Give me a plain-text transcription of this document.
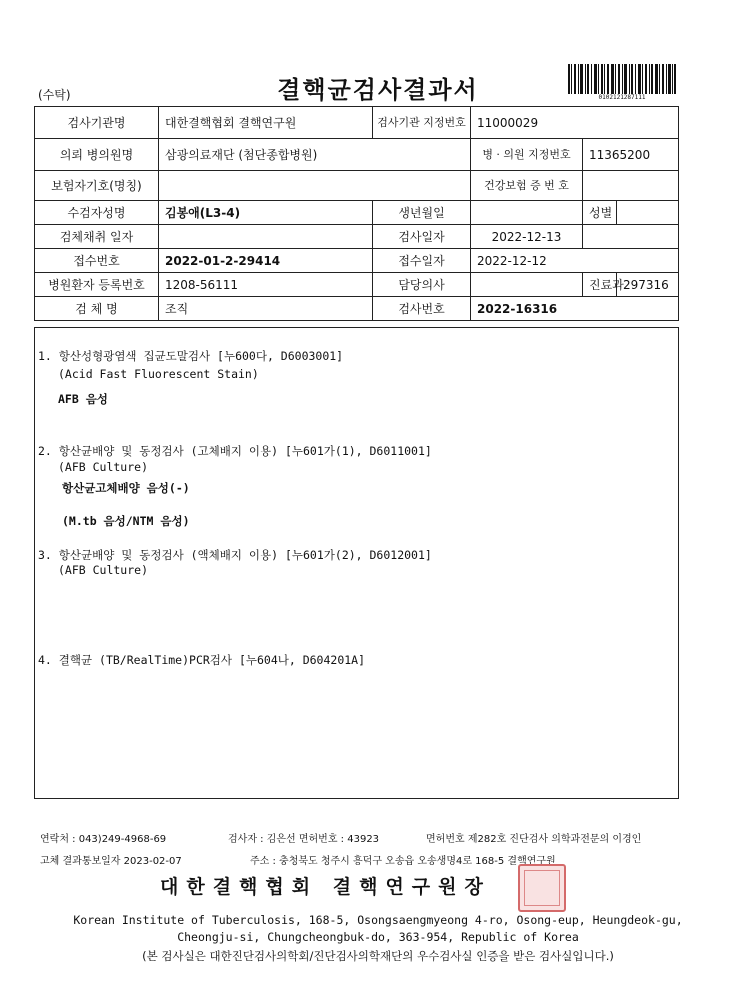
(수탁)	결핵균검사결과서	0102121287111
검사기관명	대한결핵협회 결핵연구원	검사기관 지정번호	11000029		
의뢰 병의원명	삼광의료재단 (첨단종합병원)		병 · 의원 지정번호	11365200	
보험자기호(명칭)			건강보험 증 번 호		
수검자성명	김봉애(L3-4)	생년월일		성별	
검체채취 일자		검사일자	2022-12-13		
접수번호	2022-01-2-29414	접수일자	2022-12-12		
병원환자 등록번호	1208-56111	담당의사		진료과	297316
검 체 명	조직	검사번호	2022-16316		
1. 항산성형광염색 집균도말검사 [누600다, D6003001]
(Acid Fast Fluorescent Stain)
AFB 음성
2. 항산균배양 및 동정검사 (고체배지 이용) [누601가(1), D6011001]
(AFB Culture)
항산균고체배양 음성(-)
(M.tb 음성/NTM 음성)
3. 항산균배양 및 동정검사 (액체배지 이용) [누601가(2), D6012001]
(AFB Culture)
4. 결핵균 (TB/RealTime)PCR검사 [누604나, D604201A]
연락처 : 043)249-4968-69	검사자 : 김은선 면허번호 : 43923	면허번호 제282호 진단검사 의학과전문의 이경인
고체 결과통보일자 2023-02-07	주소 : 충청북도 청주시 흥덕구 오송읍 오송생명4로 168-5 결핵연구원
대한결핵협회 결핵연구원장
Korean Institute of Tuberculosis, 168-5, Osongsaengmyeong 4-ro, Osong-eup, Heungdeok-gu,
Cheongju-si, Chungcheongbuk-do, 363-954, Republic of Korea
(본 검사실은 대한진단검사의학회/진단검사의학재단의 우수검사실 인증을 받은 검사실입니다.)
